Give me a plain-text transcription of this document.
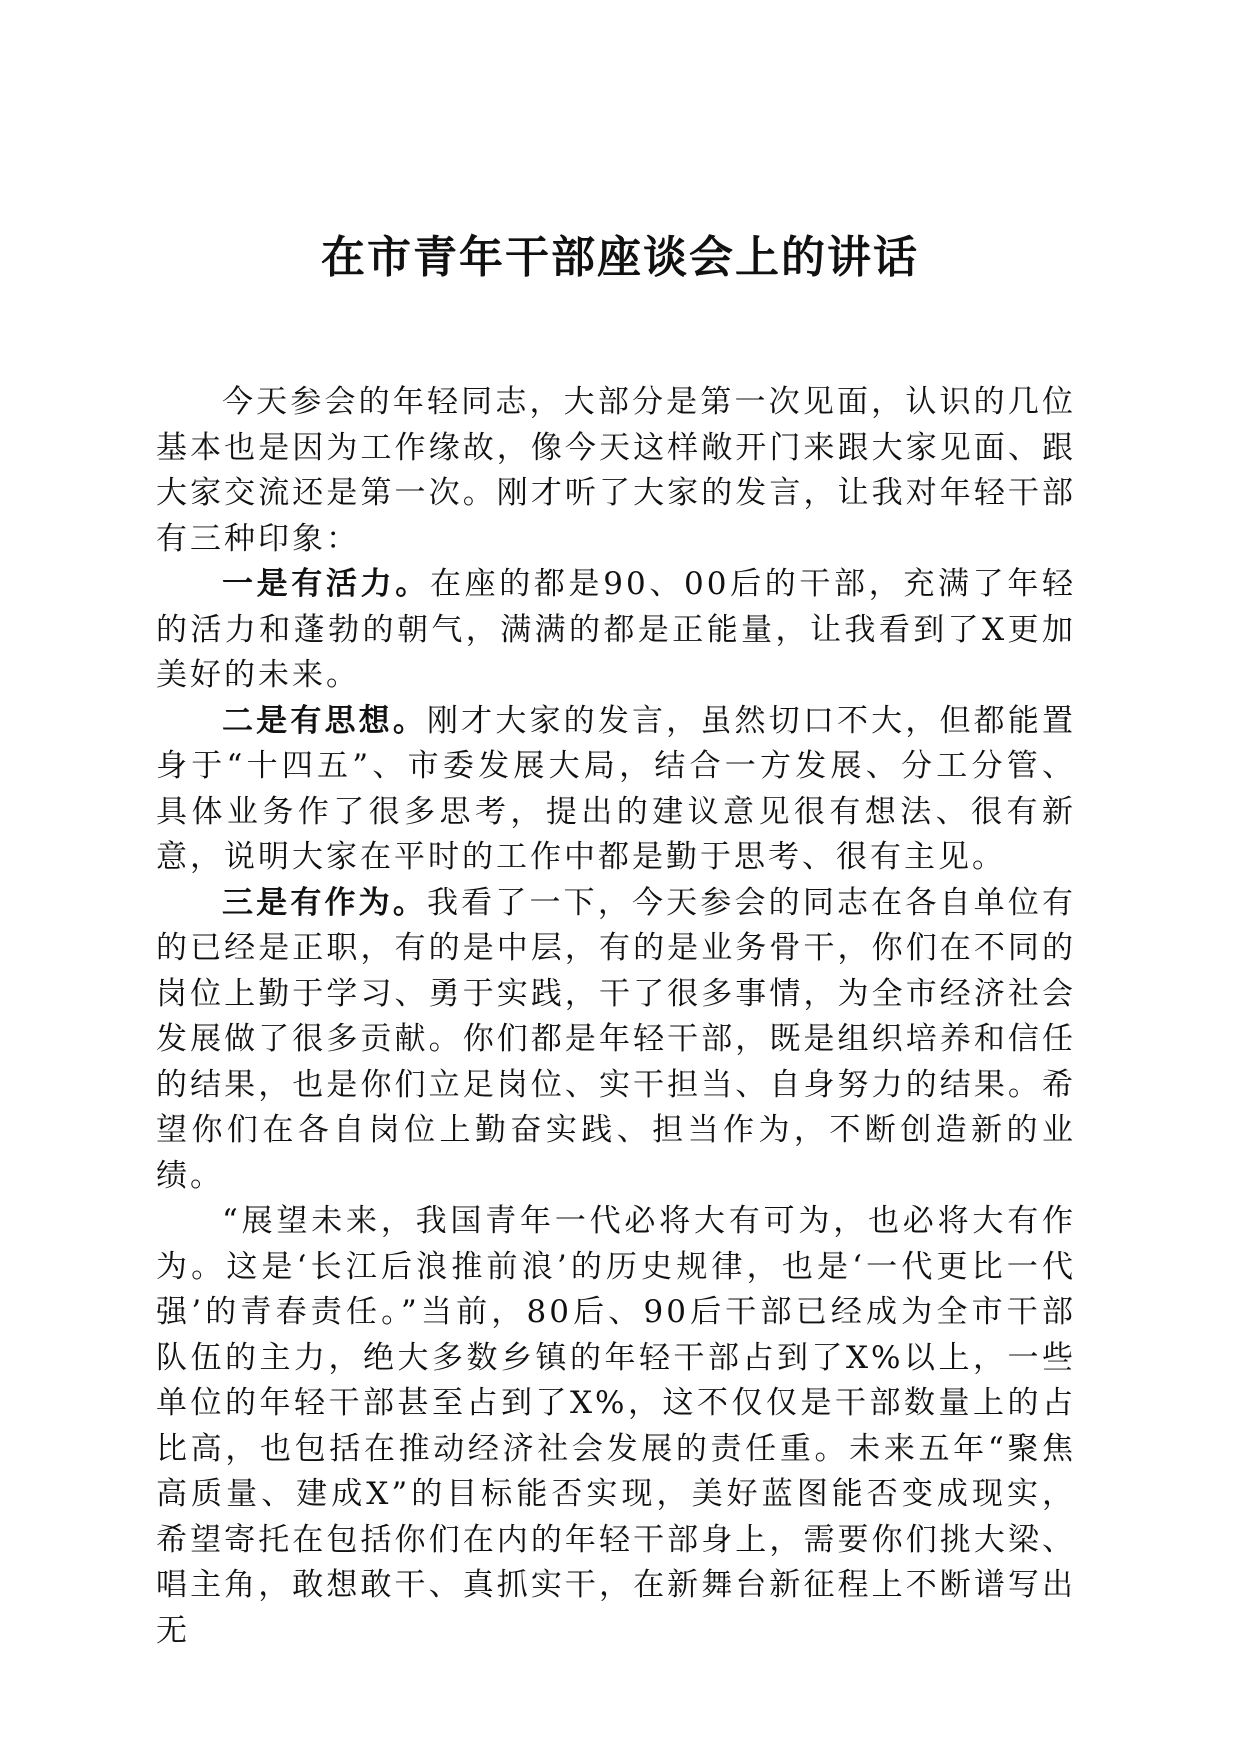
在市青年干部座谈会上的讲话

今天参会的年轻同志，大部分是第一次见面，认识的几位基本也是因为工作缘故，像今天这样敞开门来跟大家见面、跟大家交流还是第一次。刚才听了大家的发言，让我对年轻干部有三种印象：

一是有活力。在座的都是90、00后的干部，充满了年轻的活力和蓬勃的朝气，满满的都是正能量，让我看到了X更加美好的未来。

二是有思想。刚才大家的发言，虽然切口不大，但都能置身于“十四五”、市委发展大局，结合一方发展、分工分管、具体业务作了很多思考，提出的建议意见很有想法、很有新意，说明大家在平时的工作中都是勤于思考、很有主见。

三是有作为。我看了一下，今天参会的同志在各自单位有的已经是正职，有的是中层，有的是业务骨干，你们在不同的岗位上勤于学习、勇于实践，干了很多事情，为全市经济社会发展做了很多贡献。你们都是年轻干部，既是组织培养和信任的结果，也是你们立足岗位、实干担当、自身努力的结果。希望你们在各自岗位上勤奋实践、担当作为，不断创造新的业绩。

“展望未来，我国青年一代必将大有可为，也必将大有作为。这是‘长江后浪推前浪’的历史规律，也是‘一代更比一代强’的青春责任。”当前，80后、90后干部已经成为全市干部队伍的主力，绝大多数乡镇的年轻干部占到了X%以上，一些单位的年轻干部甚至占到了X%，这不仅仅是干部数量上的占比高，也包括在推动经济社会发展的责任重。未来五年“聚焦高质量、建成X”的目标能否实现，美好蓝图能否变成现实，希望寄托在包括你们在内的年轻干部身上，需要你们挑大梁、唱主角，敢想敢干、真抓实干，在新舞台新征程上不断谱写出无
